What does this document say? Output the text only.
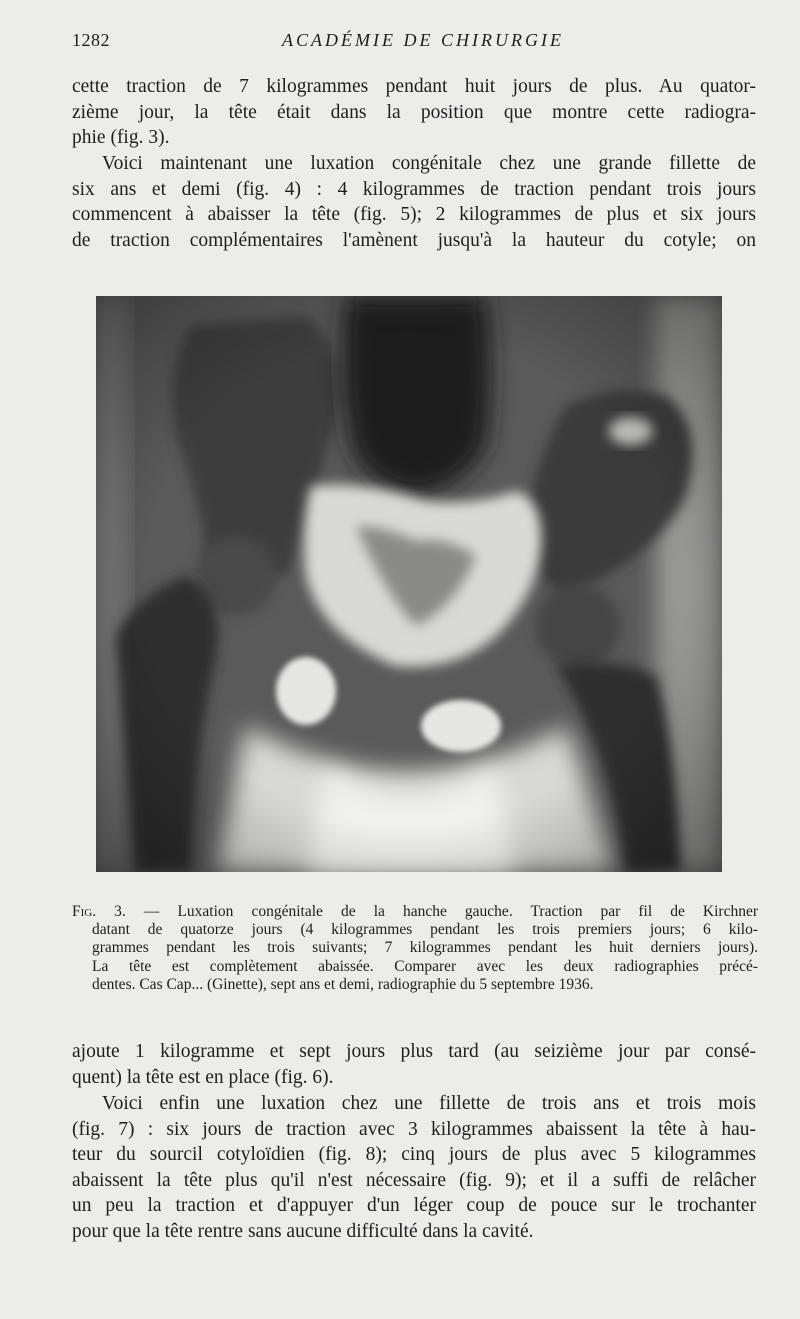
1282	ACADÉMIE DE CHIRURGIE

cette traction de 7 kilogrammes pendant huit jours de plus. Au quator-
zième jour, la tête était dans la position que montre cette radiogra-
phie (fig. 3).

Voici maintenant une luxation congénitale chez une grande fillette de
six ans et demi (fig. 4) : 4 kilogrammes de traction pendant trois jours
commencent à abaisser la tête (fig. 5); 2 kilogrammes de plus et six jours
de traction complémentaires l'amènent jusqu'à la hauteur du cotyle; on

Fig. 3. — Luxation congénitale de la hanche gauche. Traction par fil de Kirchner
datant de quatorze jours (4 kilogrammes pendant les trois premiers jours; 6 kilo-
grammes pendant les trois suivants; 7 kilogrammes pendant les huit derniers jours).
La tête est complètement abaissée. Comparer avec les deux radiographies précé-
dentes. Cas Cap... (Ginette), sept ans et demi, radiographie du 5 septembre 1936.

ajoute 1 kilogramme et sept jours plus tard (au seizième jour par consé-
quent) la tête est en place (fig. 6).

Voici enfin une luxation chez une fillette de trois ans et trois mois
(fig. 7) : six jours de traction avec 3 kilogrammes abaissent la tête à hau-
teur du sourcil cotyloïdien (fig. 8); cinq jours de plus avec 5 kilogrammes
abaissent la tête plus qu'il n'est nécessaire (fig. 9); et il a suffi de relâcher
un peu la traction et d'appuyer d'un léger coup de pouce sur le trochanter
pour que la tête rentre sans aucune difficulté dans la cavité.
